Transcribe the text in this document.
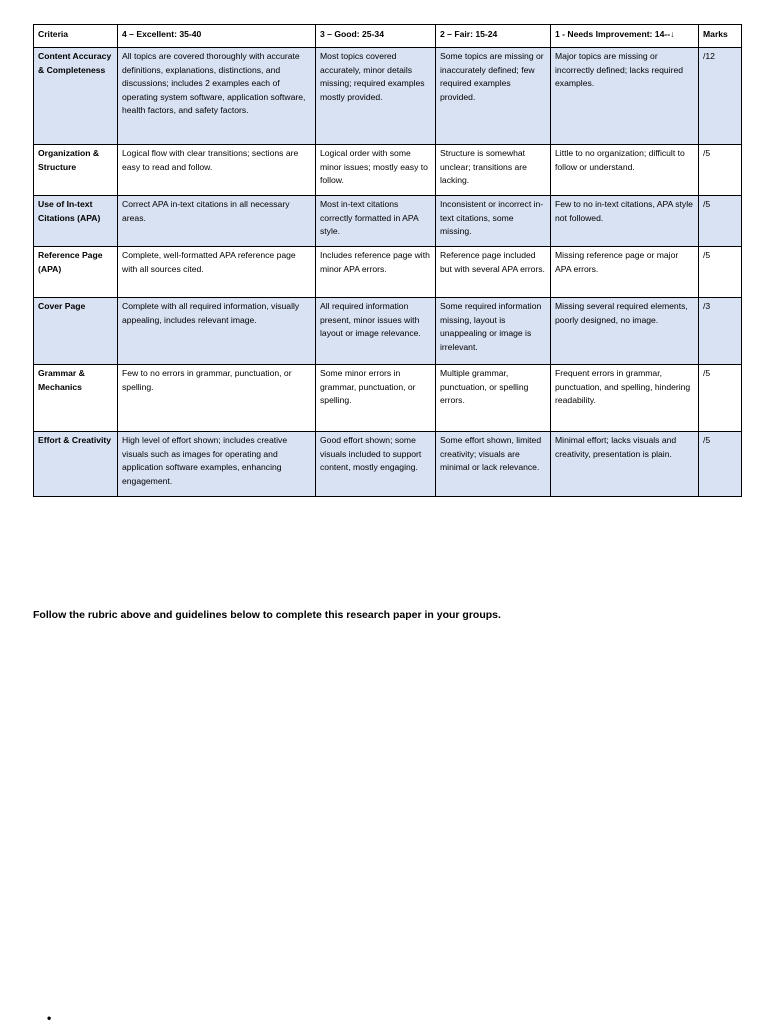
Criteria	4 – Excellent: 35-40	3 – Good: 25-34	2 – Fair: 15-24	1 - Needs Improvement: 14--↓	Marks
Content Accuracy & Completeness	All topics are covered thoroughly with accurate definitions, explanations, distinctions, and discussions; includes 2 examples each of operating system software, application software, health factors, and safety factors.	Most topics covered accurately, minor details missing; required examples mostly provided.	Some topics are missing or inaccurately defined; few required examples provided.	Major topics are missing or incorrectly defined; lacks required examples.	/12
Organization & Structure	Logical flow with clear transitions; sections are easy to read and follow.	Logical order with some minor issues; mostly easy to follow.	Structure is somewhat unclear; transitions are lacking.	Little to no organization; difficult to follow or understand.	/5
Use of In-text Citations (APA)	Correct APA in-text citations in all necessary areas.	Most in-text citations correctly formatted in APA style.	Inconsistent or incorrect in-text citations, some missing.	Few to no in-text citations, APA style not followed.	/5
Reference Page (APA)	Complete, well-formatted APA reference page with all sources cited.	Includes reference page with minor APA errors.	Reference page included but with several APA errors.	Missing reference page or major APA errors.	/5
Cover Page	Complete with all required information, visually appealing, includes relevant image.	All required information present, minor issues with layout or image relevance.	Some required information missing, layout is unappealing or image is irrelevant.	Missing several required elements, poorly designed, no image.	/3
Grammar & Mechanics	Few to no errors in grammar, punctuation, or spelling.	Some minor errors in grammar, punctuation, or spelling.	Multiple grammar, punctuation, or spelling errors.	Frequent errors in grammar, punctuation, and spelling, hindering readability.	/5
Effort & Creativity	High level of effort shown; includes creative visuals such as images for operating and application software examples, enhancing engagement.	Good effort shown; some visuals included to support content, mostly engaging.	Some effort shown, limited creativity; visuals are minimal or lack relevance.	Minimal effort; lacks visuals and creativity, presentation is plain.	/5

Follow the rubric above and guidelines below to complete this research paper in your groups.

•
